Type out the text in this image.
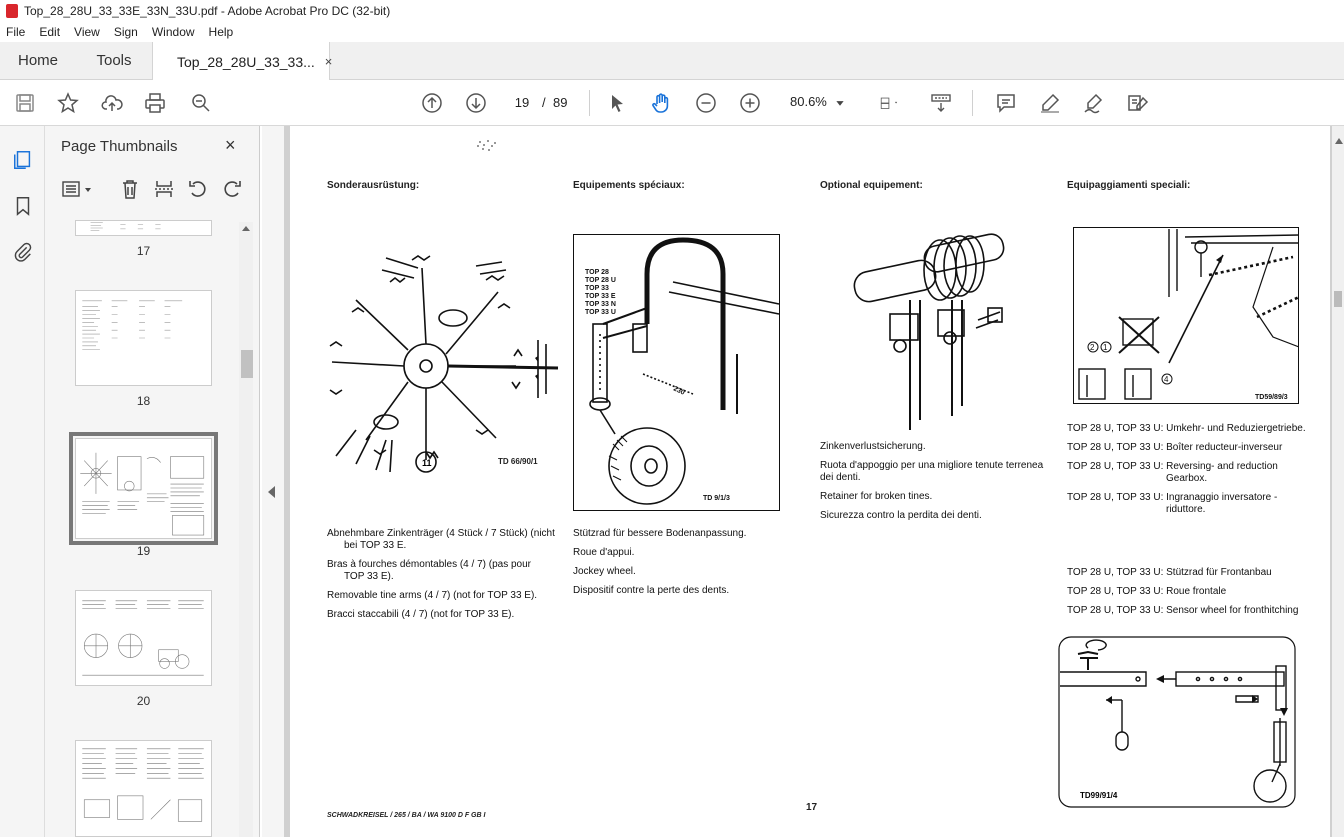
Top_28_28U_33_33E_33N_33U.pdf - Adobe Acrobat Pro DC (32-bit)
File Edit View Sign Window Help
Home	Tools	Top_28_28U_33_33... ×
19 / 89	80.6%
Page Thumbnails	×
17
18
19
20
Sonderausrüstung:	Equipements spéciaux:	Optional equipement:	Equipaggiamenti speciali:
11	TD 66/90/1
TOP 28
TOP 28 U
TOP 33
TOP 33 E
TOP 33 N
TOP 33 U
230
TD 9/1/3
2 1
4
TD59/89/3
TD99/91/4
Abnehmbare Zinkenträger (4 Stück / 7 Stück) (nicht

bei TOP 33 E.

Bras à fourches démontables (4 / 7) (pas pour

TOP 33 E).

Removable tine arms (4 / 7) (not for TOP 33 E).

Bracci staccabili (4 / 7) (not for TOP 33 E).

Stützrad für bessere Bodenanpassung.

Roue d'appui.

Jockey wheel.

Dispositif contre la perte des dents.

Zinkenverlustsicherung.

Ruota d'appoggio per una migliore tenute terrenea

dei denti.

Retainer for broken tines.

Sicurezza contro la perdita dei denti.

TOP 28 U, TOP 33 U: Umkehr- und Reduziergetriebe.

TOP 28 U, TOP 33 U: Boîter reducteur-inverseur

TOP 28 U, TOP 33 U: Reversing- and reduction

Gearbox.

TOP 28 U, TOP 33 U: Ingranaggio inversatore -

riduttore.

TOP 28 U, TOP 33 U: Stützrad für Frontanbau

TOP 28 U, TOP 33 U: Roue frontale

TOP 28 U, TOP 33 U: Sensor wheel for fronthitching

SCHWADKREISEL / 265 / BA / WA 9100 D F GB I
17
